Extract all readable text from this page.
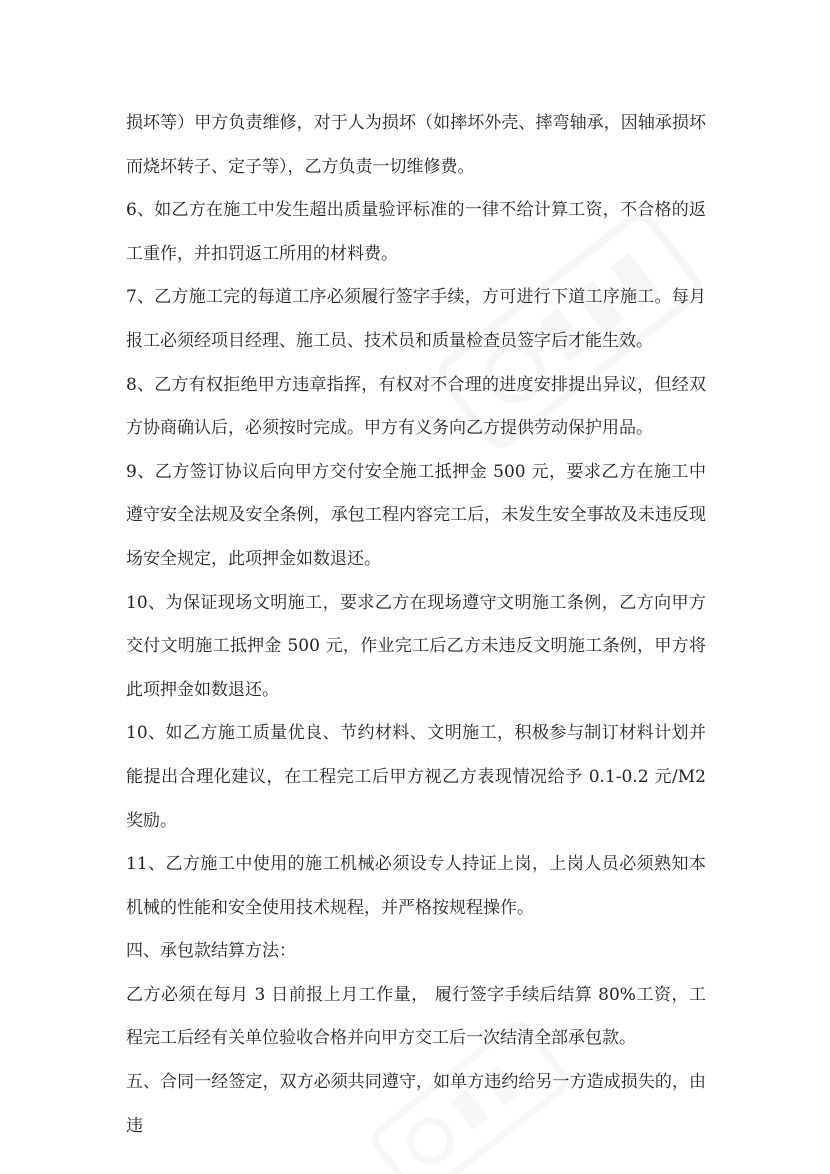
损坏等）甲方负责维修，对于人为损坏（如摔坏外壳、摔弯轴承，因轴承损坏而烧坏转子、定子等），乙方负责一切维修费。

6、如乙方在施工中发生超出质量验评标准的一律不给计算工资，不合格的返工重作，并扣罚返工所用的材料费。

7、乙方施工完的每道工序必须履行签字手续，方可进行下道工序施工。每月报工必须经项目经理、施工员、技术员和质量检查员签字后才能生效。

8、乙方有权拒绝甲方违章指挥，有权对不合理的进度安排提出异议，但经双方协商确认后，必须按时完成。甲方有义务向乙方提供劳动保护用品。

9、乙方签订协议后向甲方交付安全施工抵押金 500 元，要求乙方在施工中遵守安全法规及安全条例，承包工程内容完工后，未发生安全事故及未违反现场安全规定，此项押金如数退还。

10、为保证现场文明施工，要求乙方在现场遵守文明施工条例，乙方向甲方交付文明施工抵押金 500 元，作业完工后乙方未违反文明施工条例，甲方将此项押金如数退还。

10、如乙方施工质量优良、节约材料、文明施工，积极参与制订材料计划并能提出合理化建议，在工程完工后甲方视乙方表现情况给予 0.1-0.2 元/M2 奖励。

11、乙方施工中使用的施工机械必须设专人持证上岗，上岗人员必须熟知本机械的性能和安全使用技术规程，并严格按规程操作。

四、承包款结算方法：

乙方必须在每月 3 日前报上月工作量， 履行签字手续后结算 80%工资，工程完工后经有关单位验收合格并向甲方交工后一次结清全部承包款。

五、合同一经签定，双方必须共同遵守，如单方违约给另一方造成损失的，由违
